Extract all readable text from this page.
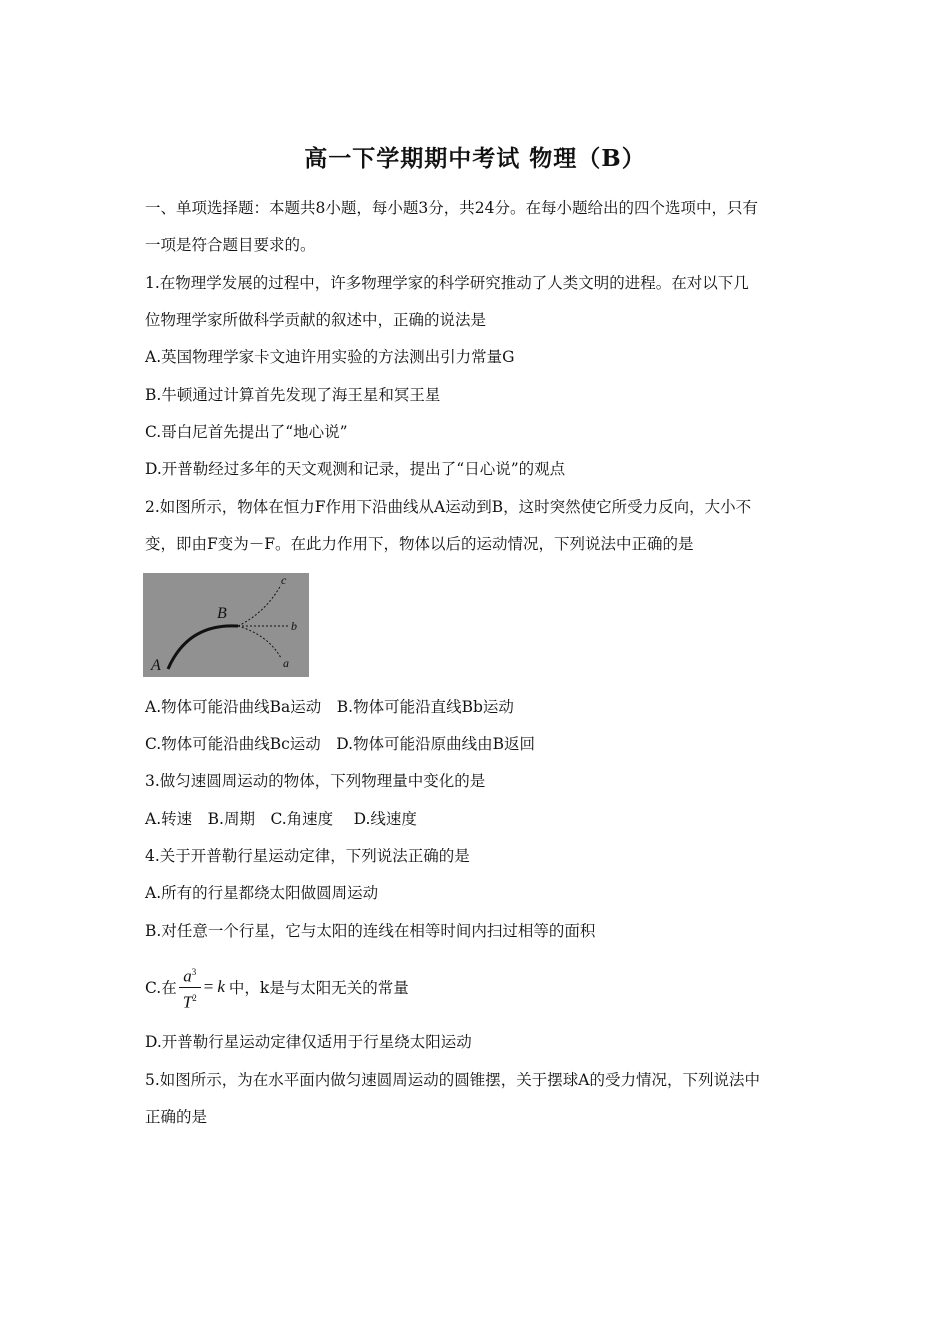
高一下学期期中考试 物理（B）
一、单项选择题：本题共8小题，每小题3分，共24分。在每小题给出的四个选项中，只有
一项是符合题目要求的。
1.在物理学发展的过程中，许多物理学家的科学研究推动了人类文明的进程。在对以下几
位物理学家所做科学贡献的叙述中，正确的说法是
A.英国物理学家卡文迪许用实验的方法测出引力常量G
B.牛顿通过计算首先发现了海王星和冥王星
C.哥白尼首先提出了“地心说”
D.开普勒经过多年的天文观测和记录，提出了“日心说”的观点
2.如图所示，物体在恒力F作用下沿曲线从A运动到B，这时突然使它所受力反向，大小不
变，即由F变为－F。在此力作用下，物体以后的运动情况，下列说法中正确的是
A
B
c
b
a
A.物体可能沿曲线Ba运动　B.物体可能沿直线Bb运动
C.物体可能沿曲线Bc运动　D.物体可能沿原曲线由B返回
3.做匀速圆周运动的物体，下列物理量中变化的是
A.转速　B.周期　C.角速度　 D.线速度
4.关于开普勒行星运动定律，下列说法正确的是
A.所有的行星都绕太阳做圆周运动
B.对任意一个行星，它与太阳的连线在相等时间内扫过相等的面积
C.在 $\frac{a^3}{T^2} = k$ 中，k是与太阳无关的常量
D.开普勒行星运动定律仅适用于行星绕太阳运动
5.如图所示，为在水平面内做匀速圆周运动的圆锥摆，关于摆球A的受力情况，下列说法中
正确的是
